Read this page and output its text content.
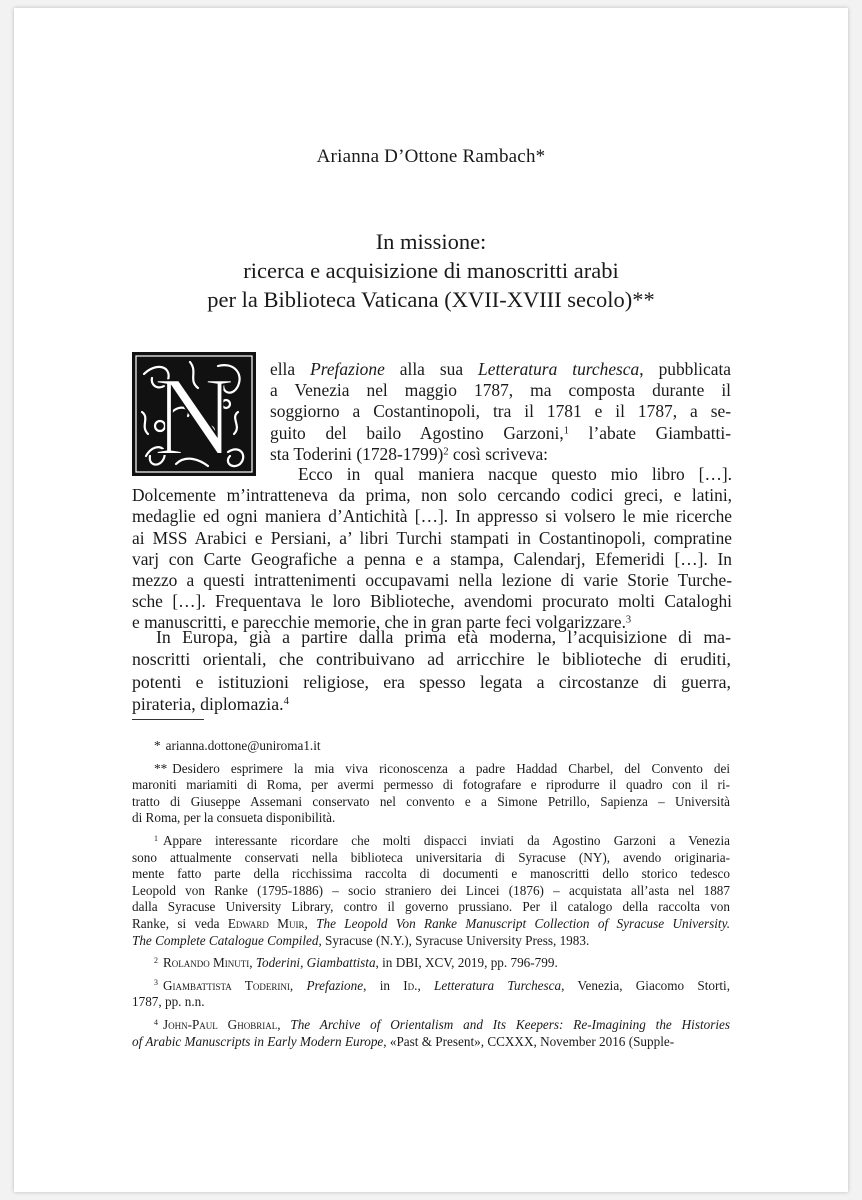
Arianna D’Ottone Rambach*
In missione:
ricerca e acquisizione di manoscritti arabi
per la Biblioteca Vaticana (XVII-XVIII secolo)**
N ella Prefazione alla sua Letteratura turchesca, pubblicata
a Venezia nel maggio 1787, ma composta durante il
soggiorno a Costantinopoli, tra il 1781 e il 1787, a se-
guito del bailo Agostino Garzoni,$^1$ l’abate Giambatti-
sta Toderini (1728-1799)$^2$ così scriveva:
Ecco in qual maniera nacque questo mio libro […].
Dolcemente m’intratteneva da prima, non solo cercando codici greci, e latini,
medaglie ed ogni maniera d’Antichità […]. In appresso si volsero le mie ricerche
ai MSS Arabici e Persiani, a’ libri Turchi stampati in Costantinopoli, compratine
varj con Carte Geografiche a penna e a stampa, Calendarj, Efemeridi […]. In
mezzo a questi intrattenimenti occupavami nella lezione di varie Storie Turche-
sche […]. Frequentava le loro Biblioteche, avendomi procurato molti Cataloghi
e manuscritti, e parecchie memorie, che in gran parte feci volgarizzare.$^3$
In Europa, già a partire dalla prima età moderna, l’acquisizione di ma-
noscritti orientali, che contribuivano ad arricchire le biblioteche di eruditi,
potenti e istituzioni religiose, era spesso legata a circostanze di guerra,
pirateria, diplomazia.$^4$
* arianna.dottone@uniroma1.it
** Desidero esprimere la mia viva riconoscenza a padre Haddad Charbel, del Convento dei
maroniti mariamiti di Roma, per avermi permesso di fotografare e riprodurre il quadro con il ri-
tratto di Giuseppe Assemani conservato nel convento e a Simone Petrillo, Sapienza – Università
di Roma, per la consueta disponibilità.
$^1$ Appare interessante ricordare che molti dispacci inviati da Agostino Garzoni a Venezia
sono attualmente conservati nella biblioteca universitaria di Syracuse (NY), avendo originaria-
mente fatto parte della ricchissima raccolta di documenti e manoscritti dello storico tedesco
Leopold von Ranke (1795-1886) – socio straniero dei Lincei (1876) – acquistata all’asta nel 1887
dalla Syracuse University Library, contro il governo prussiano. Per il catalogo della raccolta von
Ranke, si veda Edward Muir, The Leopold Von Ranke Manuscript Collection of Syracuse University.
The Complete Catalogue Compiled, Syracuse (N.Y.), Syracuse University Press, 1983.
$^2$ Rolando Minuti, Toderini, Giambattista, in DBI, XCV, 2019, pp. 796-799.
$^3$ Giambattista Toderini, Prefazione, in Id., Letteratura Turchesca, Venezia, Giacomo Storti,
1787, pp. n.n.
$^4$ John-Paul Ghobrial, The Archive of Orientalism and Its Keepers: Re-Imagining the Histories
of Arabic Manuscripts in Early Modern Europe, «Past & Present», CCXXX, November 2016 (Supple-
